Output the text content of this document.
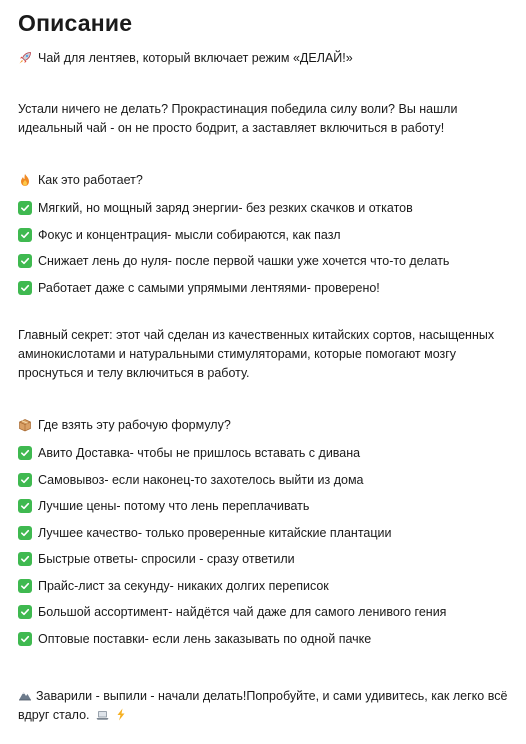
Описание
Чай для лентяев, который включает режим «ДЕЛАЙ!»
Устали ничего не делать? Прокрастинация победила силу воли? Вы нашли идеальный чай - он не просто бодрит, а заставляет включиться в работу!
Как это работает?
Мягкий, но мощный заряд энергии- без резких скачков и откатов
Фокус и концентрация- мысли собираются, как пазл
Снижает лень до нуля- после первой чашки уже хочется что-то делать
Работает даже с самыми упрямыми лентяями- проверено!
Главный секрет: этот чай сделан из качественных китайских сортов, насыщенных аминокислотами и натуральными стимуляторами, которые помогают мозгу проснуться и телу включиться в работу.
Где взять эту рабочую формулу?
Авито Доставка- чтобы не пришлось вставать с дивана
Самовывоз- если наконец-то захотелось выйти из дома
Лучшие цены- потому что лень переплачивать
Лучшее качество- только проверенные китайские плантации
Быстрые ответы- спросили - сразу ответили
Прайс-лист за секунду- никаких долгих переписок
Большой ассортимент- найдётся чай даже для самого ленивого гения
Оптовые поставки- если лень заказывать по одной пачке
Заварили - выпили - начали делать!Попробуйте, и сами удивитесь, как легко всё вдруг стало.
